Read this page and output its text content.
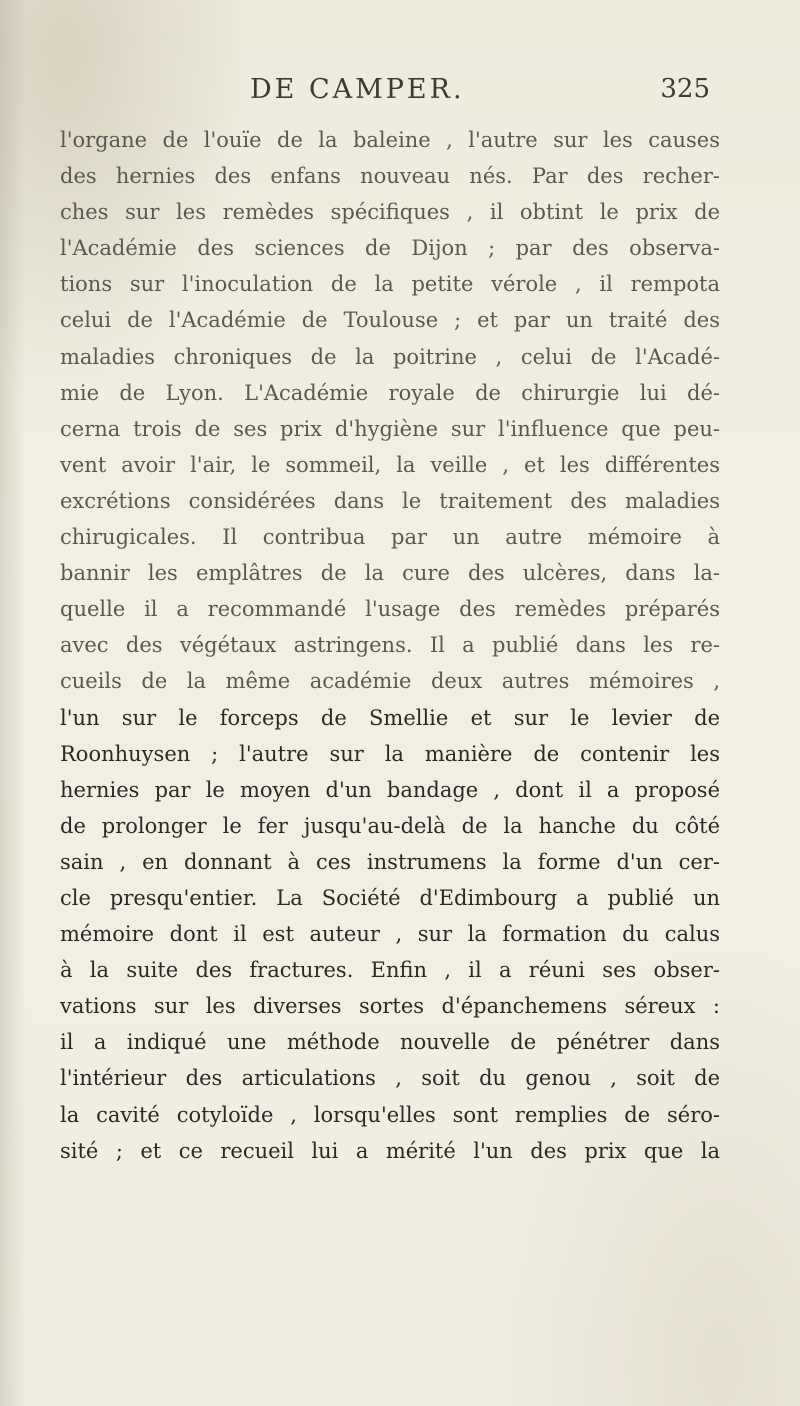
DE CAMPER.	325
l'organe de l'ouïe de la baleine , l'autre sur les causes
des hernies des enfans nouveau nés. Par des recher-
ches sur les remèdes spécifiques , il obtint le prix de
l'Académie des sciences de Dijon ; par des observa-
tions sur l'inoculation de la petite vérole , il rempota
celui de l'Académie de Toulouse ; et par un traité des
maladies chroniques de la poitrine , celui de l'Acadé-
mie de Lyon. L'Académie royale de chirurgie lui dé-
cerna trois de ses prix d'hygiène sur l'influence que peu-
vent avoir l'air, le sommeil, la veille , et les différentes
excrétions considérées dans le traitement des maladies
chirugicales. Il contribua par un autre mémoire à
bannir les emplâtres de la cure des ulcères, dans la-
quelle il a recommandé l'usage des remèdes préparés
avec des végétaux astringens. Il a publié dans les re-
cueils de la même académie deux autres mémoires ,
l'un sur le forceps de Smellie et sur le levier de
Roonhuysen ; l'autre sur la manière de contenir les
hernies par le moyen d'un bandage , dont il a proposé
de prolonger le fer jusqu'au-delà de la hanche du côté
sain , en donnant à ces instrumens la forme d'un cer-
cle presqu'entier. La Société d'Edimbourg a publié un
mémoire dont il est auteur , sur la formation du calus
à la suite des fractures. Enfin , il a réuni ses obser-
vations sur les diverses sortes d'épanchemens séreux :
il a indiqué une méthode nouvelle de pénétrer dans
l'intérieur des articulations , soit du genou , soit de
la cavité cotyloïde , lorsqu'elles sont remplies de séro-
sité ; et ce recueil lui a mérité l'un des prix que la
